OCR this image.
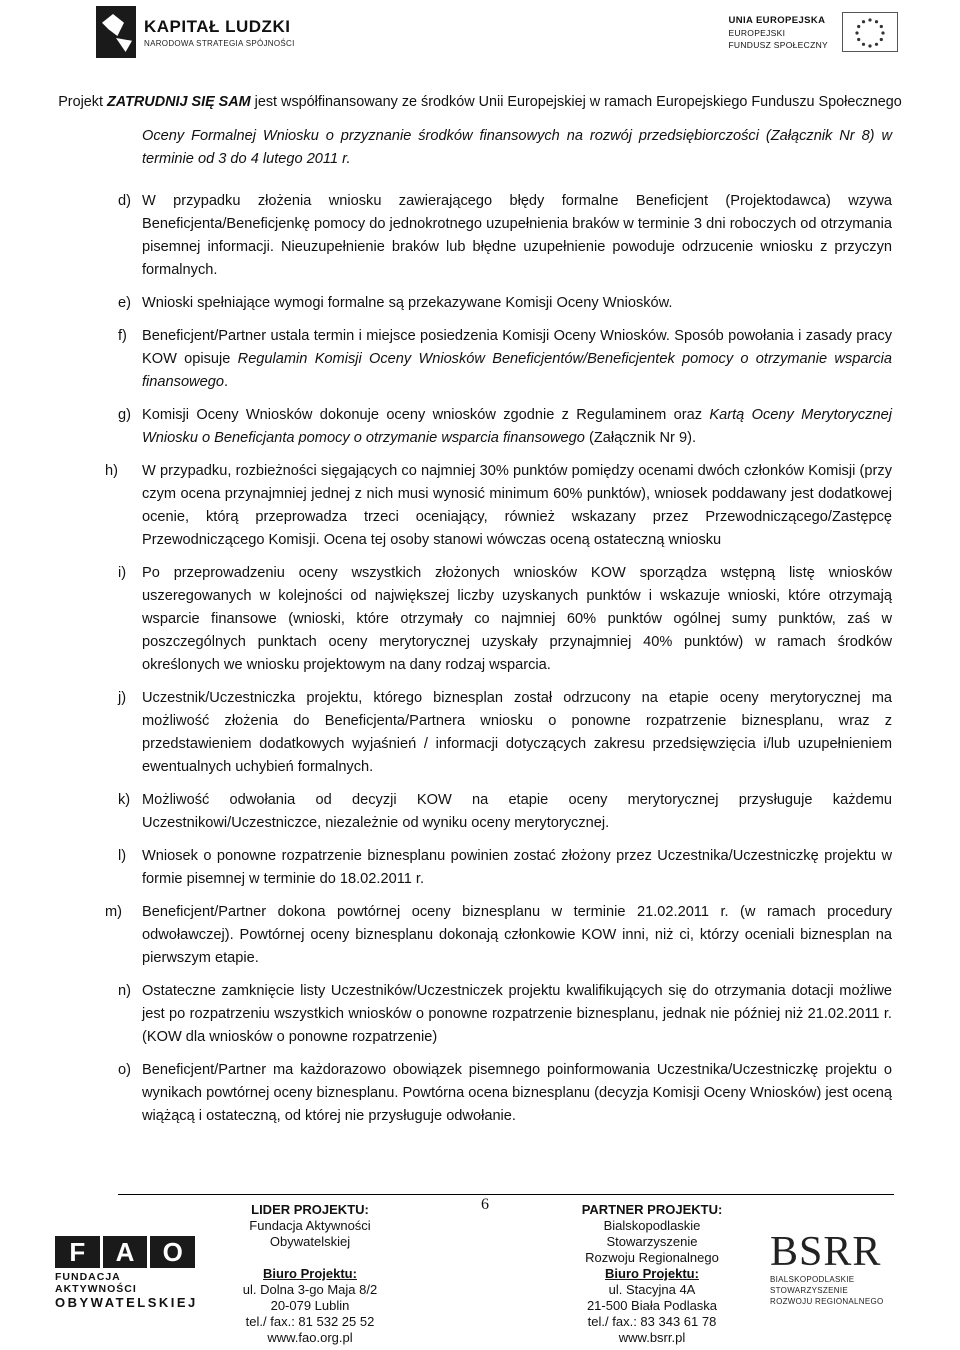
KAPITAŁ LUDZKI
NARODOWA STRATEGIA SPÓJNOŚCI
UNIA EUROPEJSKA
EUROPEJSKI
FUNDUSZ SPOŁECZNY
Projekt ZATRUDNIJ SIĘ SAM jest współfinansowany ze środków Unii Europejskiej w ramach Europejskiego Funduszu Społecznego

Oceny Formalnej Wniosku o przyznanie środków finansowych na rozwój przedsiębiorczości (Załącznik Nr 8) w terminie od 3 do 4 lutego 2011 r.

d) W przypadku złożenia wniosku zawierającego błędy formalne Beneficjent (Projektodawca) wzywa Beneficjenta/Beneficjenkę pomocy do jednokrotnego uzupełnienia braków w terminie 3 dni roboczych od otrzymania pisemnej informacji. Nieuzupełnienie braków lub błędne uzupełnienie powoduje odrzucenie wniosku z przyczyn formalnych.
e) Wnioski spełniające wymogi formalne są przekazywane Komisji Oceny Wniosków.
f)	Beneficjent/Partner ustala termin i miejsce posiedzenia Komisji Oceny Wniosków. Sposób powołania i zasady pracy KOW opisuje Regulamin Komisji Oceny Wniosków Beneficjentów/Beneficjentek pomocy o otrzymanie wsparcia finansowego.
g) Komisji Oceny Wniosków dokonuje oceny wniosków zgodnie z Regulaminem oraz Kartą Oceny Merytorycznej Wniosku o Beneficjanta pomocy o otrzymanie wsparcia finansowego (Załącznik Nr 9).
h)	W przypadku, rozbieżności sięgających co najmniej 30% punktów pomiędzy ocenami dwóch członków Komisji (przy czym ocena przynajmniej jednej z nich musi wynosić minimum 60% punktów), wniosek poddawany jest dodatkowej ocenie, którą przeprowadza trzeci oceniający, również wskazany przez Przewodniczącego/Zastępcę Przewodniczącego Komisji. Ocena tej osoby stanowi wówczas oceną ostateczną wniosku
i)	Po przeprowadzeniu oceny wszystkich złożonych wniosków KOW sporządza wstępną listę wniosków uszeregowanych w kolejności od największej liczby uzyskanych punktów i wskazuje wnioski, które otrzymają wsparcie finansowe (wnioski, które otrzymały co najmniej 60% punktów ogólnej sumy punktów, zaś w poszczególnych punktach oceny merytorycznej uzyskały przynajmniej 40% punktów) w ramach środków określonych we wniosku projektowym na dany rodzaj wsparcia.
j)	Uczestnik/Uczestniczka projektu, którego biznesplan został odrzucony na etapie oceny merytorycznej ma możliwość złożenia do Beneficjenta/Partnera wniosku o ponowne rozpatrzenie biznesplanu, wraz z przedstawieniem dodatkowych wyjaśnień / informacji dotyczących zakresu przedsięwzięcia i/lub uzupełnieniem ewentualnych uchybień formalnych.
k) Możliwość odwołania od decyzji KOW na etapie oceny merytorycznej przysługuje każdemu Uczestnikowi/Uczestniczce, niezależnie od wyniku oceny merytorycznej.
l)	Wniosek o ponowne rozpatrzenie biznesplanu powinien zostać złożony przez Uczestnika/Uczestniczkę projektu w formie pisemnej w terminie do 18.02.2011 r.
m)	Beneficjent/Partner dokona powtórnej oceny biznesplanu w terminie 21.02.2011 r. (w ramach procedury odwoławczej). Powtórnej oceny biznesplanu dokonają członkowie KOW inni, niż ci, którzy oceniali biznesplan na pierwszym etapie.
n) Ostateczne zamknięcie listy Uczestników/Uczestniczek projektu kwalifikujących się do otrzymania dotacji możliwe jest po rozpatrzeniu wszystkich wniosków o ponowne rozpatrzenie biznesplanu, jednak nie później niż 21.02.2011 r. (KOW dla wniosków o ponowne rozpatrzenie)
o) Beneficjent/Partner ma każdorazowo obowiązek pisemnego poinformowania Uczestnika/Uczestniczkę projektu o wynikach powtórnej oceny biznesplanu. Powtórna ocena biznesplanu (decyzja Komisji Oceny Wniosków) jest oceną wiążącą i ostateczną, od której nie przysługuje odwołanie.
6
F	A	O
FUNDACJA AKTYWNOŚCI
OBYWATELSKIEJ
LIDER PROJEKTU:
Fundacja Aktywności
Obywatelskiej
Biuro Projektu:
ul. Dolna 3-go Maja 8/2
20-079 Lublin
tel./ fax.: 81 532 25 52
www.fao.org.pl
PARTNER PROJEKTU:
Bialskopodlaskie
Stowarzyszenie
Rozwoju Regionalnego
Biuro Projektu:
ul. Stacyjna 4A
21-500 Biała Podlaska
tel./ fax.: 83 343 61 78
www.bsrr.pl
BSRR
BIALSKOPODLASKIE STOWARZYSZENIE
ROZWOJU REGIONALNEGO
